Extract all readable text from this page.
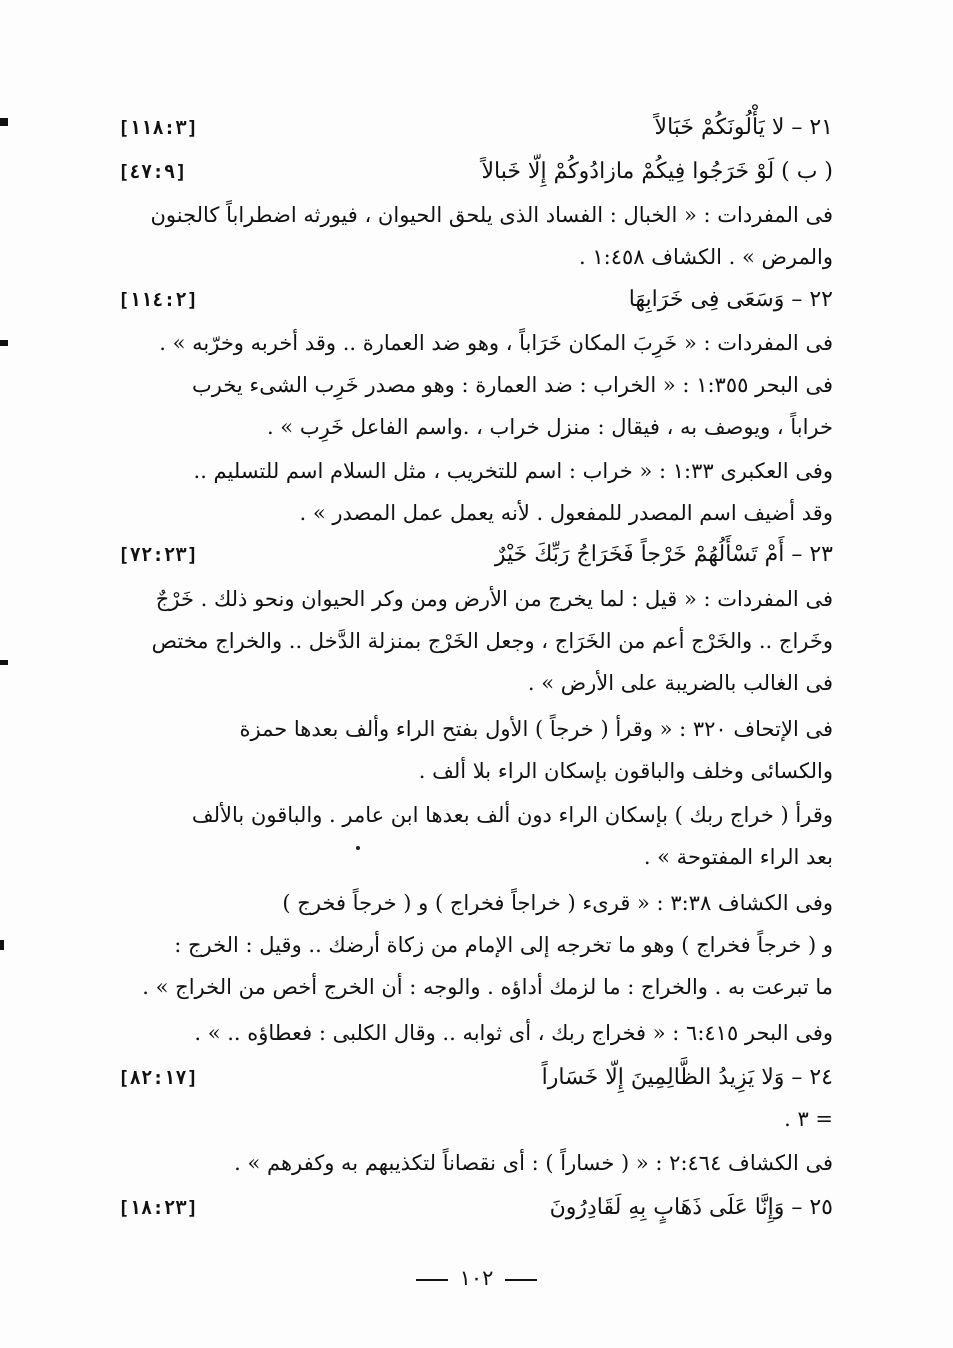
٢١ – لا يَأْلُونَكُمْ خَبَالاً
[١١٨:٣]
( ب ) لَوْ خَرَجُوا فِيكُمْ مازادُوكُمْ إِلّا خَبالاً
[٤٧:٩]
فى المفردات : « الخبال : الفساد الذى يلحق الحيوان ، فيورثه اضطراباً كالجنون
والمرض » . الكشاف ١:٤٥٨ .
٢٢ – وَسَعَى فِى خَرَابِهَا
[١١٤:٢]
فى المفردات : « خَرِبَ المكان خَرَاباً ، وهو ضد العمارة .. وقد أخربه وخرّبه » .
فى البحر ١:٣٥٥ : « الخراب : ضد العمارة : وهو مصدر خَرِب الشىء يخرب
خراباً ، ويوصف به ، فيقال : منزل خراب ، .واسم الفاعل خَرِب » .
وفى العكبرى ١:٣٣ : « خراب : اسم للتخريب ، مثل السلام اسم للتسليم ..
وقد أضيف اسم المصدر للمفعول . لأنه يعمل عمل المصدر » .
٢٣ – أَمْ تَسْأَلُهُمْ خَرْجاً فَخَرَاجُ رَبِّكَ خَيْرٌ
[٧٢:٢٣]
فى المفردات : « قيل : لما يخرج من الأرض ومن وكر الحيوان ونحو ذلك . خَرْجٌ
وخَراج .. والخَرْج أعم من الخَرَاج ، وجعل الخَرْج بمنزلة الدَّخل .. والخراج مختص
فى الغالب بالضريبة على الأرض » .
فى الإتحاف ٣٢٠ : « وقرأ ( خرجاً ) الأول بفتح الراء وألف بعدها حمزة
والكسائى وخلف والباقون بإسكان الراء بلا ألف .
وقرأ ( خراج ربك ) بإسكان الراء دون ألف بعدها ابن عامر . والباقون بالألف
بعد الراء المفتوحة » .
وفى الكشاف ٣:٣٨ : « قرىء ( خراجاً فخراج ) و ( خرجاً فخرج )
و ( خرجاً فخراج ) وهو ما تخرجه إلى الإمام من زكاة أرضك .. وقيل : الخرج :
ما تبرعت به . والخراج : ما لزمك أداؤه . والوجه : أن الخرج أخص من الخراج » .
وفى البحر ٦:٤١٥ : « فخراج ربك ، أى ثوابه .. وقال الكلبى : فعطاؤه .. » .
٢٤ – وَلا يَزِيدُ الظَّالِمِينَ إِلّا خَسَاراً
[٨٢:١٧]
= ٣ .
فى الكشاف ٢:٤٦٤ : « ( خساراً ) : أى نقصاناً لتكذيبهم به وكفرهم » .
٢٥ – وَإِنَّا عَلَى ذَهَابٍ بِهِ لَقَادِرُونَ
[١٨:٢٣]
١٠٢
